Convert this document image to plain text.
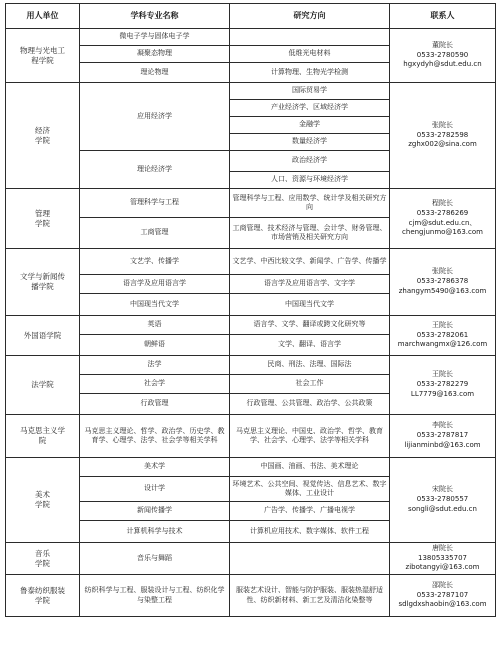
用人单位	学科专业名称	研究方向	联系人
物理与光电工
程学院	微电子学与固体电子学		董院长
0533-2780590
hgxydyh@sdut.edu.cn
	凝聚态物理	低维光电材料	
	理论物理	计算物理、生物光学检测	
经济
学院	应用经济学	国际贸易学	张院长
0533-2782598
zghx002@sina.com
		产业经济学、区域经济学	
		金融学	
		数量经济学	
	理论经济学	政治经济学	
		人口、资源与环境经济学	
管理
学院	管理科学与工程	管理科学与工程、应用数学、统计学及相关研究方向	程院长
0533-2786269
cjm@sdut.edu.cn、
chengjunmo@163.com
	工商管理	工商管理、技术经济与管理、会计学、财务管理、市场营销及相关研究方向	
文学与新闻传
播学院	文艺学、传播学	文艺学、中西比较文学、新闻学、广告学、传播学	张院长
0533-2786378
zhangym5490@163.com
	语言学及应用语言学	语言学及应用语言学、文字学	
	中国现当代文学	中国现当代文学	
外国语学院	英语	语言学、文学、翻译或跨文化研究等	王院长
0533-2782061
marchwangmx@126.com
	朝鲜语	文学、翻译、语言学	
法学院	法学	民商、刑法、法理、国际法	王院长
0533-2782279
LL7779@163.com
	社会学	社会工作	
	行政管理	行政管理、公共管理、政治学、公共政策	
马克思主义学
院	马克思主义理论、哲学、政治学、历史学、教育学、心理学、法学、社会学等相关学科	马克思主义理论、中国史、政治学、哲学、教育学、社会学、心理学、法学等相关学科	李院长
0533-2787817
lijianminbd@163.com
美术
学院	美术学	中国画、油画、书法、美术理论	宋院长
0533-2780557
songli@sdut.edu.cn
	设计学	环境艺术、公共空间、视觉传达、信息艺术、数字媒体、工业设计	
	新闻传播学	广告学、传播学、广播电视学	
	计算机科学与技术	计算机应用技术、数字媒体、软件工程	
音乐
学院	音乐与舞蹈		唐院长
13805335707
zibotangyi@163.com
鲁泰纺织服装
学院	纺织科学与工程、服装设计与工程、纺织化学与染整工程	服装艺术设计、智能与防护服装、服装热湿舒适性、纺织新材料、新工艺及清洁化染整等	邵院长
0533-2787107
sdlgdxshaobin@163.com
